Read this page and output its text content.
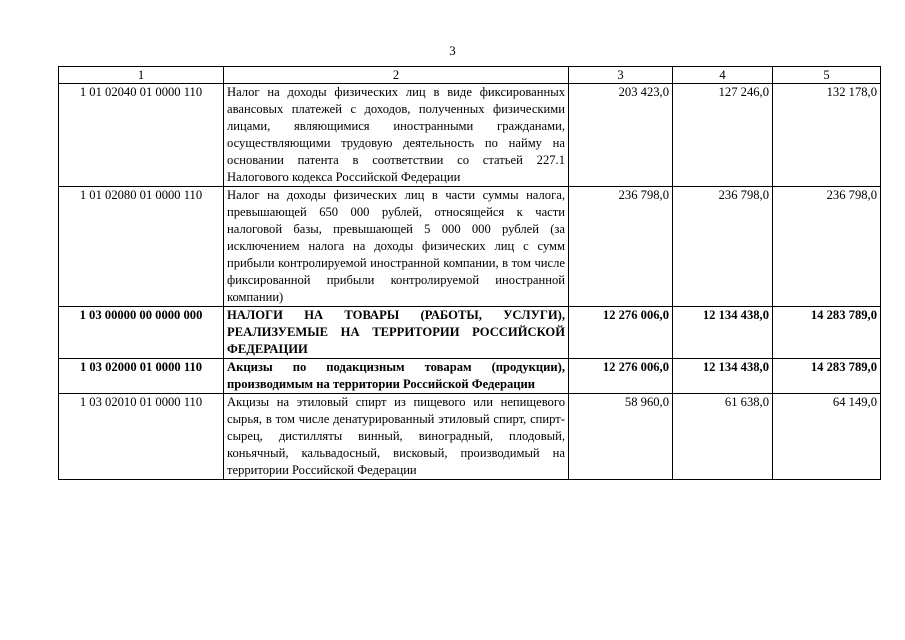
3
1	2	3	4	5
1 01 02040 01 0000 110	Налог на доходы физических лиц в виде фиксированных авансовых платежей с доходов, полученных физическими лицами, являющимися иностранными гражданами, осуществляющими трудовую деятельность по найму на основании патента в соответствии со статьей 227.1 Налогового кодекса Российской Федерации	203 423,0	127 246,0	132 178,0
1 01 02080 01 0000 110	Налог на доходы физических лиц в части суммы налога, превышающей 650 000 рублей, относящейся к части налоговой базы, превышающей 5 000 000 рублей (за исключением налога на доходы физических лиц с сумм прибыли контролируемой иностранной компании, в том числе фиксированной прибыли контролируемой иностранной компании)	236 798,0	236 798,0	236 798,0
1 03 00000 00 0000 000	НАЛОГИ НА ТОВАРЫ (РАБОТЫ, УСЛУГИ), РЕАЛИЗУЕМЫЕ НА ТЕРРИТОРИИ РОССИЙСКОЙ ФЕДЕРАЦИИ	12 276 006,0	12 134 438,0	14 283 789,0
1 03 02000 01 0000 110	Акцизы по подакцизным товарам (продукции), производимым на территории Российской Федерации	12 276 006,0	12 134 438,0	14 283 789,0
1 03 02010 01 0000 110	Акцизы на этиловый спирт из пищевого или непищевого сырья, в том числе денатурированный этиловый спирт, спирт-сырец, дистилляты винный, виноградный, плодовый, коньячный, кальвадосный, висковый, производимый на территории Российской Федерации	58 960,0	61 638,0	64 149,0
